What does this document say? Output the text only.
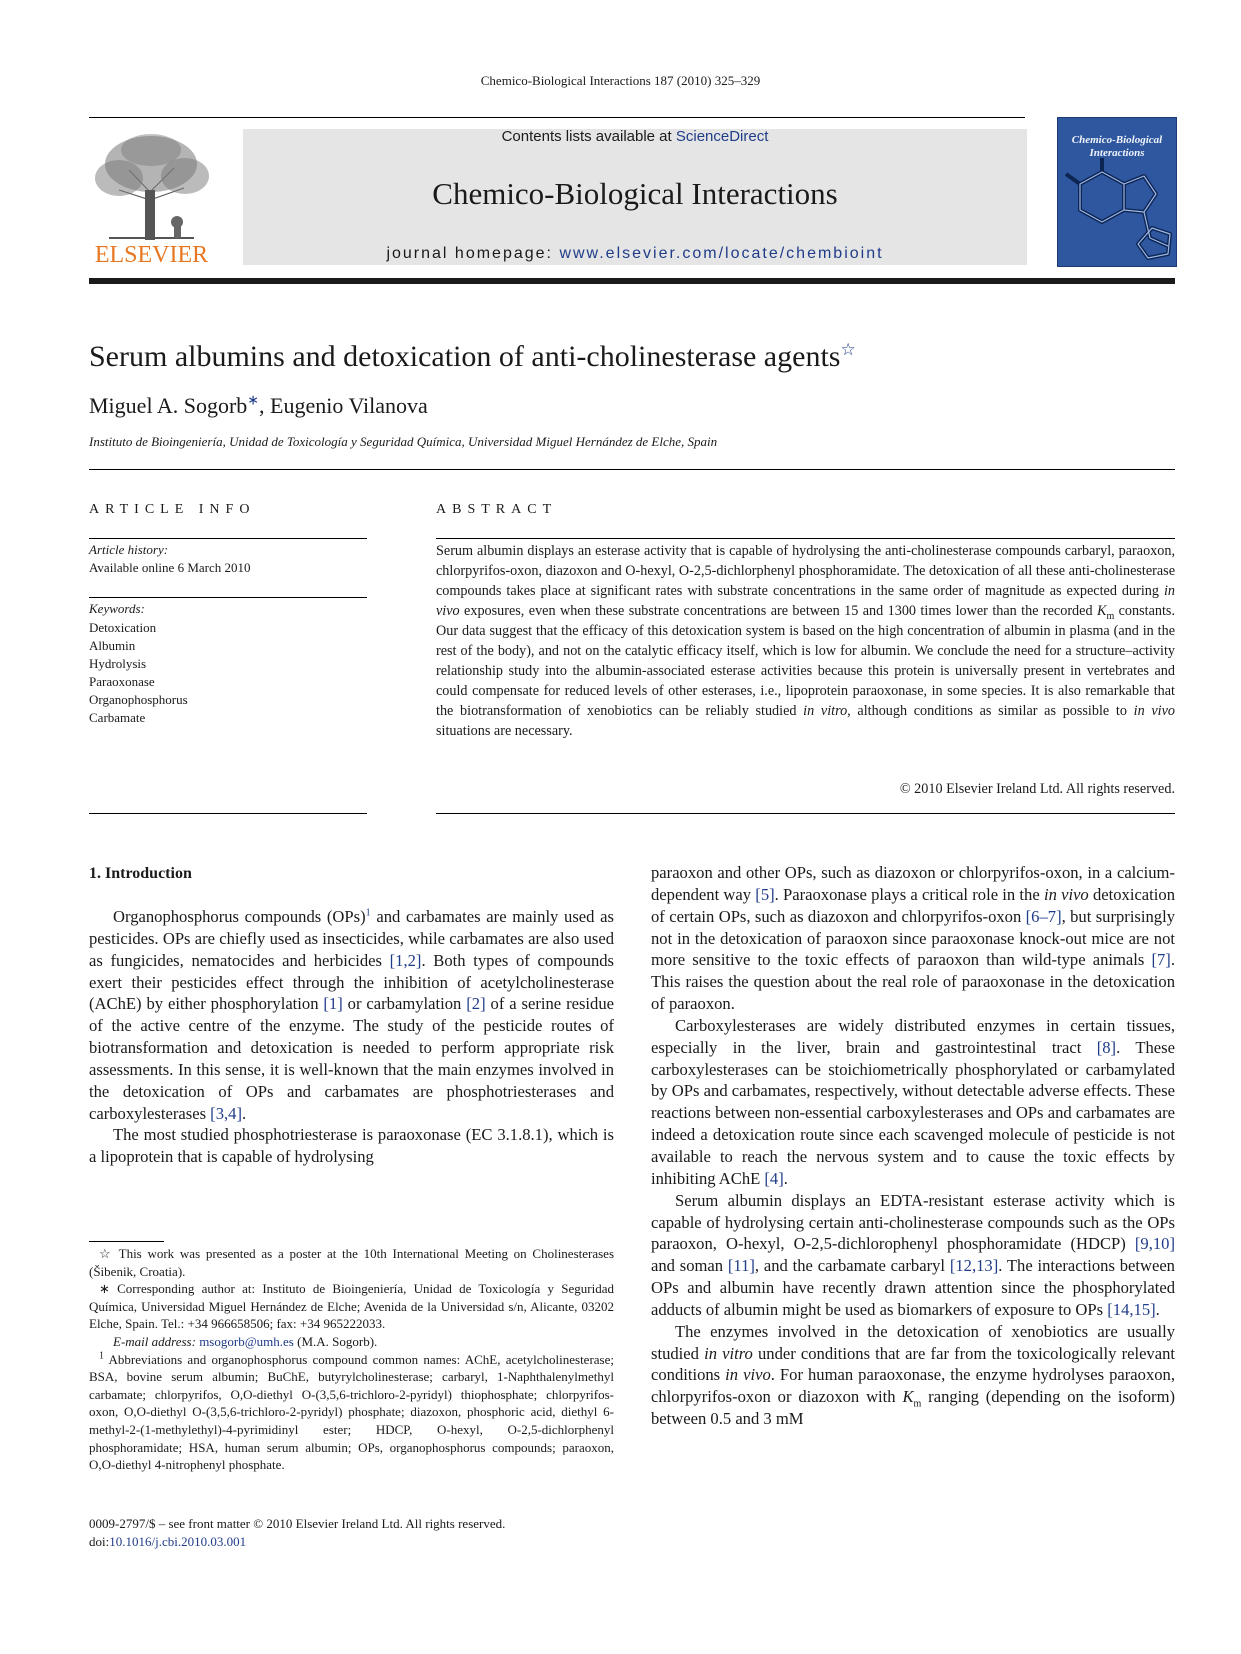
Chemico-Biological Interactions 187 (2010) 325–329
ELSEVIER
Contents lists available at ScienceDirect
Chemico-Biological Interactions
journal homepage: www.elsevier.com/locate/chembioint
Chemico-Biological
Interactions
Serum albumins and detoxication of anti-cholinesterase agents☆
Miguel A. Sogorb∗, Eugenio Vilanova
Instituto de Bioingeniería, Unidad de Toxicología y Seguridad Química, Universidad Miguel Hernández de Elche, Spain
ARTICLE INFO
Article history:
Available online 6 March 2010
Keywords:
Detoxication
Albumin
Hydrolysis
Paraoxonase
Organophosphorus
Carbamate
ABSTRACT
Serum albumin displays an esterase activity that is capable of hydrolysing the anti-cholinesterase compounds carbaryl, paraoxon, chlorpyrifos-oxon, diazoxon and O-hexyl, O-2,5-dichlorphenyl phosphoramidate. The detoxication of all these anti-cholinesterase compounds takes place at significant rates with substrate concentrations in the same order of magnitude as expected during in vivo exposures, even when these substrate concentrations are between 15 and 1300 times lower than the recorded $K_m$ constants. Our data suggest that the efficacy of this detoxication system is based on the high concentration of albumin in plasma (and in the rest of the body), and not on the catalytic efficacy itself, which is low for albumin. We conclude the need for a structure–activity relationship study into the albumin-associated esterase activities because this protein is universally present in vertebrates and could compensate for reduced levels of other esterases, i.e., lipoprotein paraoxonase, in some species. It is also remarkable that the biotransformation of xenobiotics can be reliably studied in vitro, although conditions as similar as possible to in vivo situations are necessary.
© 2010 Elsevier Ireland Ltd. All rights reserved.
1. Introduction

Organophosphorus compounds (OPs)$^1$ and carbamates are mainly used as pesticides. OPs are chiefly used as insecticides, while carbamates are also used as fungicides, nematocides and herbicides [1,2]. Both types of compounds exert their pesticides effect through the inhibition of acetylcholinesterase (AChE) by either phosphorylation [1] or carbamylation [2] of a serine residue of the active centre of the enzyme. The study of the pesticide routes of biotransformation and detoxication is needed to perform appropriate risk assessments. In this sense, it is well-known that the main enzymes involved in the detoxication of OPs and carbamates are phosphotriesterases and carboxylesterases [3,4].

The most studied phosphotriesterase is paraoxonase (EC 3.1.8.1), which is a lipoprotein that is capable of hydrolysing

paraoxon and other OPs, such as diazoxon or chlorpyrifos-oxon, in a calcium-dependent way [5]. Paraoxonase plays a critical role in the in vivo detoxication of certain OPs, such as diazoxon and chlorpyrifos-oxon [6–7], but surprisingly not in the detoxication of paraoxon since paraoxonase knock-out mice are not more sensitive to the toxic effects of paraoxon than wild-type animals [7]. This raises the question about the real role of paraoxonase in the detoxication of paraoxon.

Carboxylesterases are widely distributed enzymes in certain tissues, especially in the liver, brain and gastrointestinal tract [8]. These carboxylesterases can be stoichiometrically phosphorylated or carbamylated by OPs and carbamates, respectively, without detectable adverse effects. These reactions between non-essential carboxylesterases and OPs and carbamates are indeed a detoxication route since each scavenged molecule of pesticide is not available to reach the nervous system and to cause the toxic effects by inhibiting AChE [4].

Serum albumin displays an EDTA-resistant esterase activity which is capable of hydrolysing certain anti-cholinesterase compounds such as the OPs paraoxon, O-hexyl, O-2,5-dichlorophenyl phosphoramidate (HDCP) [9,10] and soman [11], and the carbamate carbaryl [12,13]. The interactions between OPs and albumin have recently drawn attention since the phosphorylated adducts of albumin might be used as biomarkers of exposure to OPs [14,15].

The enzymes involved in the detoxication of xenobiotics are usually studied in vitro under conditions that are far from the toxicologically relevant conditions in vivo. For human paraoxonase, the enzyme hydrolyses paraoxon, chlorpyrifos-oxon or diazoxon with $K_m$ ranging (depending on the isoform) between 0.5 and 3 mM

☆ This work was presented as a poster at the 10th International Meeting on Cholinesterases (Šibenik, Croatia).

∗ Corresponding author at: Instituto de Bioingeniería, Unidad de Toxicología y Seguridad Química, Universidad Miguel Hernández de Elche; Avenida de la Universidad s/n, Alicante, 03202 Elche, Spain. Tel.: +34 966658506; fax: +34 965222033.

E-mail address: msogorb@umh.es (M.A. Sogorb).

$^1$ Abbreviations and organophosphorus compound common names: AChE, acetylcholinesterase; BSA, bovine serum albumin; BuChE, butyrylcholinesterase; carbaryl, 1-Naphthalenylmethyl carbamate; chlorpyrifos, O,O-diethyl O-(3,5,6-trichloro-2-pyridyl) thiophosphate; chlorpyrifos-oxon, O,O-diethyl O-(3,5,6-trichloro-2-pyridyl) phosphate; diazoxon, phosphoric acid, diethyl 6-methyl-2-(1-methylethyl)-4-pyrimidinyl ester; HDCP, O-hexyl, O-2,5-dichlorphenyl phosphoramidate; HSA, human serum albumin; OPs, organophosphorus compounds; paraoxon, O,O-diethyl 4-nitrophenyl phosphate.

0009-2797/$ – see front matter © 2010 Elsevier Ireland Ltd. All rights reserved.
doi:10.1016/j.cbi.2010.03.001
